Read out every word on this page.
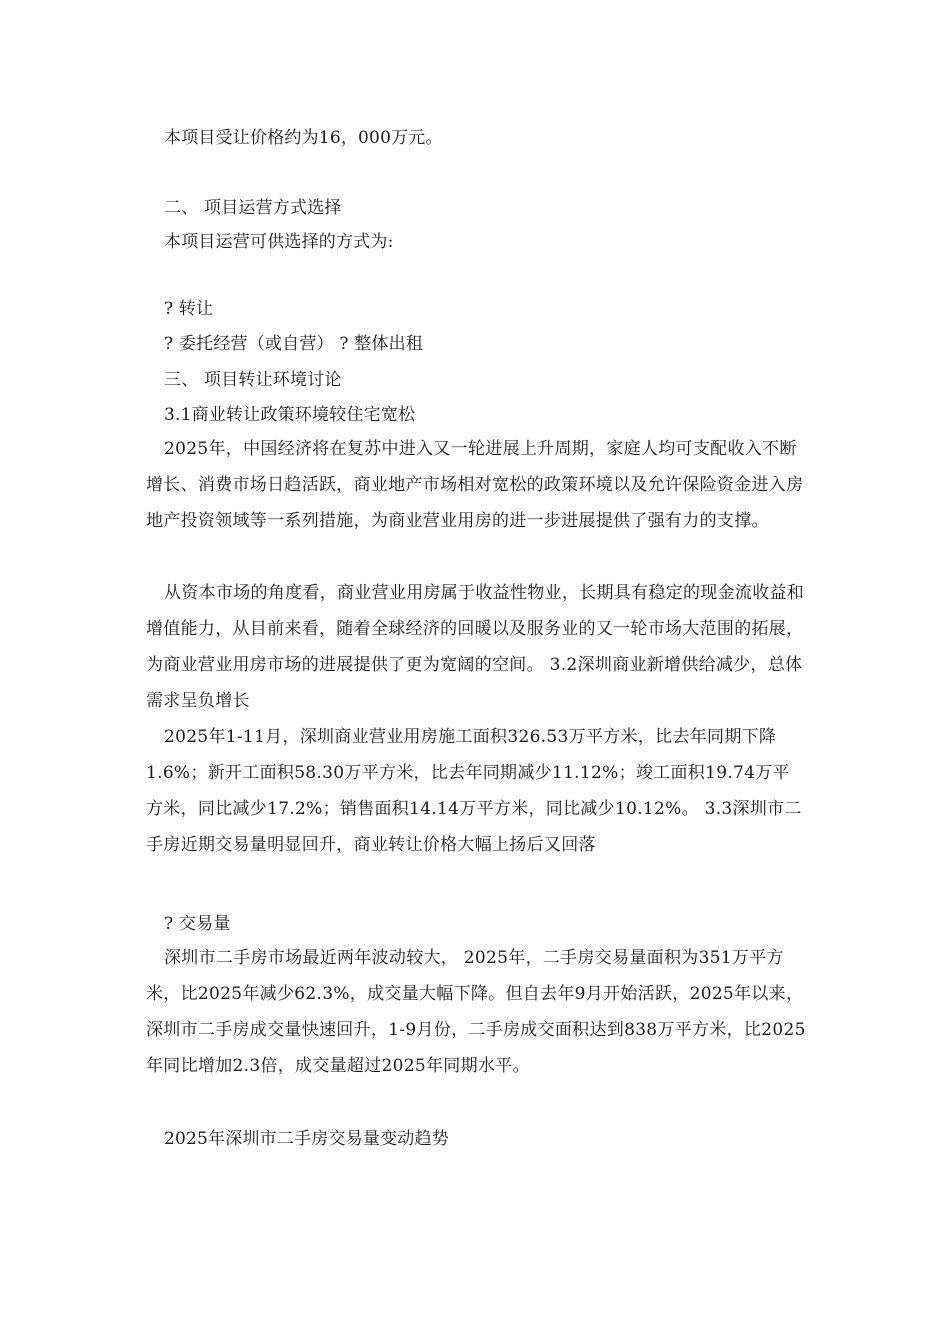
本项目受让价格约为16，000万元。
二、 项目运营方式选择
本项目运营可供选择的方式为:
? 转让
? 委托经营（或自营） ? 整体出租
三、 项目转让环境讨论
3.1商业转让政策环境较住宅宽松
2025年，中国经济将在复苏中进入又一轮进展上升周期，家庭人均可支配收入不断增长、消费市场日趋活跃，商业地产市场相对宽松的政策环境以及允许保险资金进入房地产投资领域等一系列措施，为商业营业用房的进一步进展提供了强有力的支撑。
从资本市场的角度看，商业营业用房属于收益性物业，长期具有稳定的现金流收益和增值能力，从目前来看，随着全球经济的回暖以及服务业的又一轮市场大范围的拓展，为商业营业用房市场的进展提供了更为宽阔的空间。 3.2深圳商业新增供给减少，总体需求呈负增长
2025年1-11月，深圳商业营业用房施工面积326.53万平方米，比去年同期下降1.6%；新开工面积58.30万平方米，比去年同期减少11.12%；竣工面积19.74万平方米，同比减少17.2%；销售面积14.14万平方米，同比减少10.12%。 3.3深圳市二手房近期交易量明显回升，商业转让价格大幅上扬后又回落
? 交易量
深圳市二手房市场最近两年波动较大， 2025年，二手房交易量面积为351万平方米，比2025年减少62.3%，成交量大幅下降。但自去年9月开始活跃，2025年以来，深圳市二手房成交量快速回升，1-9月份，二手房成交面积达到838万平方米，比2025年同比增加2.3倍，成交量超过2025年同期水平。
2025年深圳市二手房交易量变动趋势
